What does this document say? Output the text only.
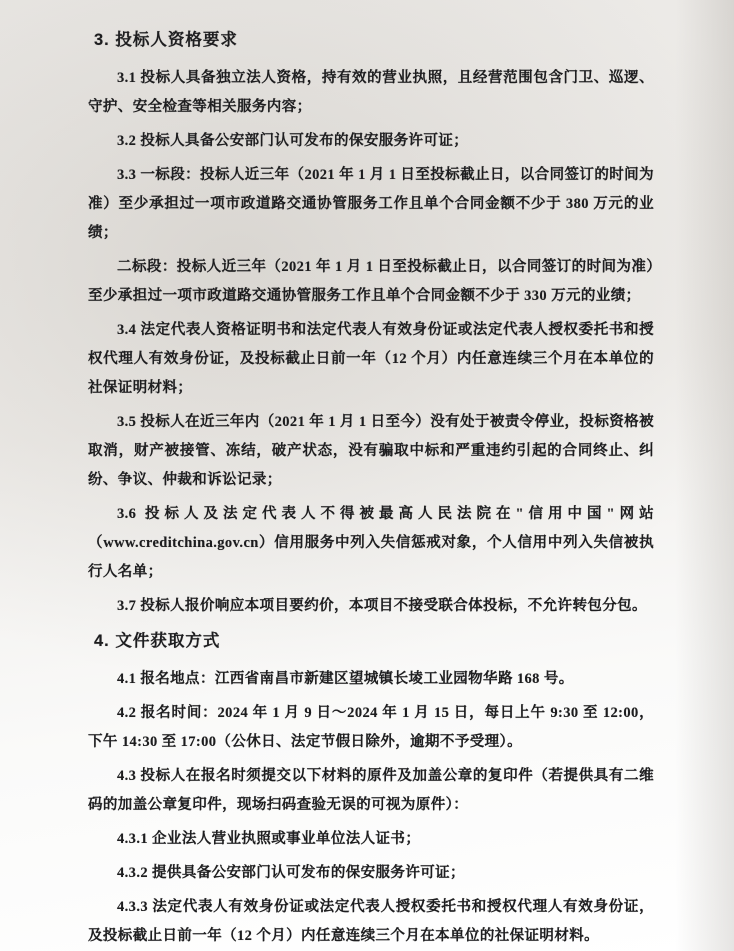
3. 投标人资格要求

3.1 投标人具备独立法人资格，持有效的营业执照，且经营范围包含门卫、巡逻、守护、安全检查等相关服务内容；

3.2 投标人具备公安部门认可发布的保安服务许可证；

3.3 一标段：投标人近三年（2021 年 1 月 1 日至投标截止日，以合同签订的时间为准）至少承担过一项市政道路交通协管服务工作且单个合同金额不少于 380 万元的业绩；

二标段：投标人近三年（2021 年 1 月 1 日至投标截止日，以合同签订的时间为准）至少承担过一项市政道路交通协管服务工作且单个合同金额不少于 330 万元的业绩；

3.4 法定代表人资格证明书和法定代表人有效身份证或法定代表人授权委托书和授权代理人有效身份证，及投标截止日前一年（12 个月）内任意连续三个月在本单位的社保证明材料；

3.5 投标人在近三年内（2021 年 1 月 1 日至今）没有处于被责令停业，投标资格被取消，财产被接管、冻结，破产状态，没有骗取中标和严重违约引起的合同终止、纠纷、争议、仲裁和诉讼记录；

3.6 投标人及法定代表人不得被最高人民法院在"信用中国"网站（www.creditchina.gov.cn）信用服务中列入失信惩戒对象，个人信用中列入失信被执行人名单；

3.7 投标人报价响应本项目要约价，本项目不接受联合体投标，不允许转包分包。

4. 文件获取方式

4.1 报名地点：江西省南昌市新建区望城镇长堎工业园物华路 168 号。

4.2 报名时间：2024 年 1 月 9 日～2024 年 1 月 15 日，每日上午 9:30 至 12:00，下午 14:30 至 17:00（公休日、法定节假日除外，逾期不予受理）。

4.3 投标人在报名时须提交以下材料的原件及加盖公章的复印件（若提供具有二维码的加盖公章复印件，现场扫码查验无误的可视为原件）：

4.3.1 企业法人营业执照或事业单位法人证书；

4.3.2 提供具备公安部门认可发布的保安服务许可证；

4.3.3 法定代表人有效身份证或法定代表人授权委托书和授权代理人有效身份证，及投标截止日前一年（12 个月）内任意连续三个月在本单位的社保证明材料。
